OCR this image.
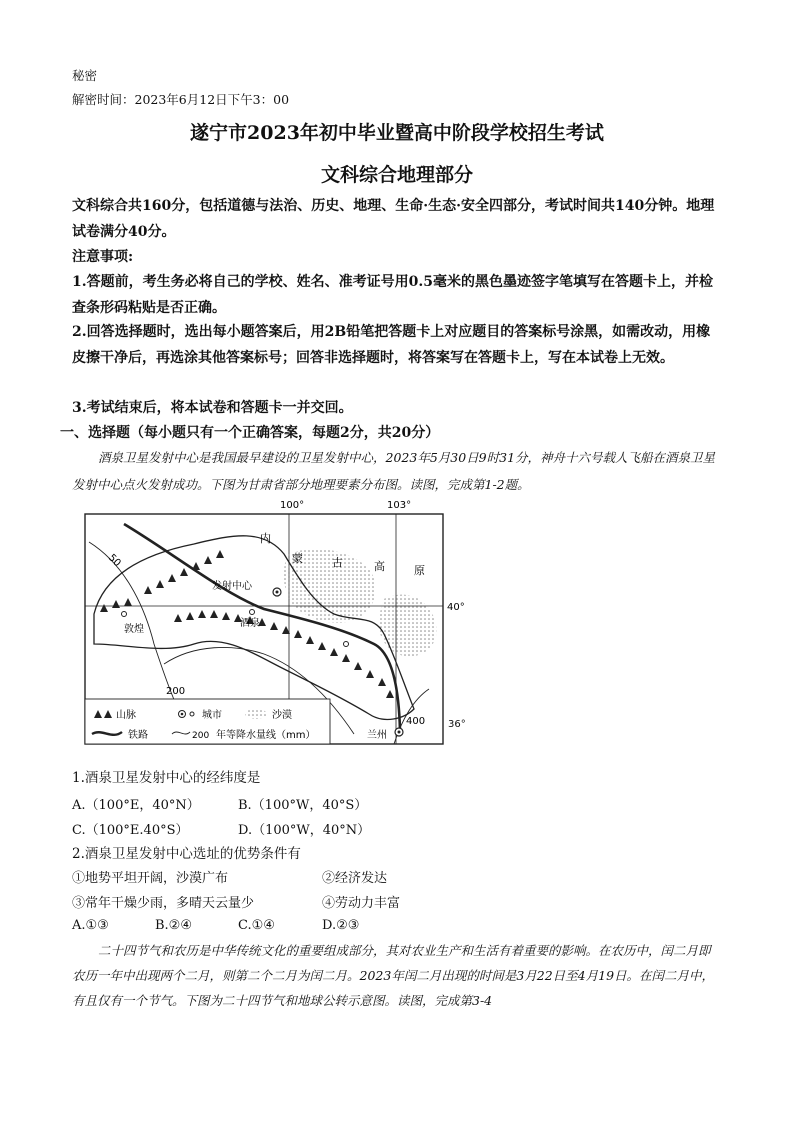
秘密
解密时间：2023年6月12日下午3：00
遂宁市2023年初中毕业暨高中阶段学校招生考试
文科综合地理部分
文科综合共160分，包括道德与法治、历史、地理、生命·生态·安全四部分，考试时间共140分钟。地理试卷满分40分。
注意事项:
1.答题前，考生务必将自己的学校、姓名、准考证号用0.5毫米的黑色墨迹签字笔填写在答题卡上，并检查条形码粘贴是否正确。
2.回答选择题时，选出每小题答案后，用2B铅笔把答题卡上对应题目的答案标号涂黑，如需改动，用橡皮擦干净后，再选涂其他答案标号；回答非选择题时，将答案写在答题卡上，写在本试卷上无效。
3.考试结束后，将本试卷和答题卡一并交回。
一、选择题（每小题只有一个正确答案，每题2分，共20分）
酒泉卫星发射中心是我国最早建设的卫星发射中心，2023年5月30日9时31分，神舟十六号载人飞船在酒泉卫星发射中心点火发射成功。下图为甘肃省部分地理要素分布图。读图，完成第1-2题。
100°	103°
40°
50
200
400
发射中心
酒泉
敦煌
兰州
内
蒙	古	高	原
山脉	城市	沙漠
铁路	200 年等降水量线（mm）
36°
1.酒泉卫星发射中心的经纬度是
A.（100°E，40°N）	B.（100°W，40°S）
C.（100°E.40°S）	D.（100°W，40°N）
2.酒泉卫星发射中心选址的优势条件有
①地势平坦开阔，沙漠广布	②经济发达
③常年干燥少雨，多晴天云量少	④劳动力丰富
A.①③	B.②④	C.①④	D.②③
二十四节气和农历是中华传统文化的重要组成部分，其对农业生产和生活有着重要的影响。在农历中，闰二月即农历一年中出现两个二月，则第二个二月为闰二月。2023年闰二月出现的时间是3月22日至4月19日。在闰二月中，有且仅有一个节气。下图为二十四节气和地球公转示意图。读图，完成第3-4
